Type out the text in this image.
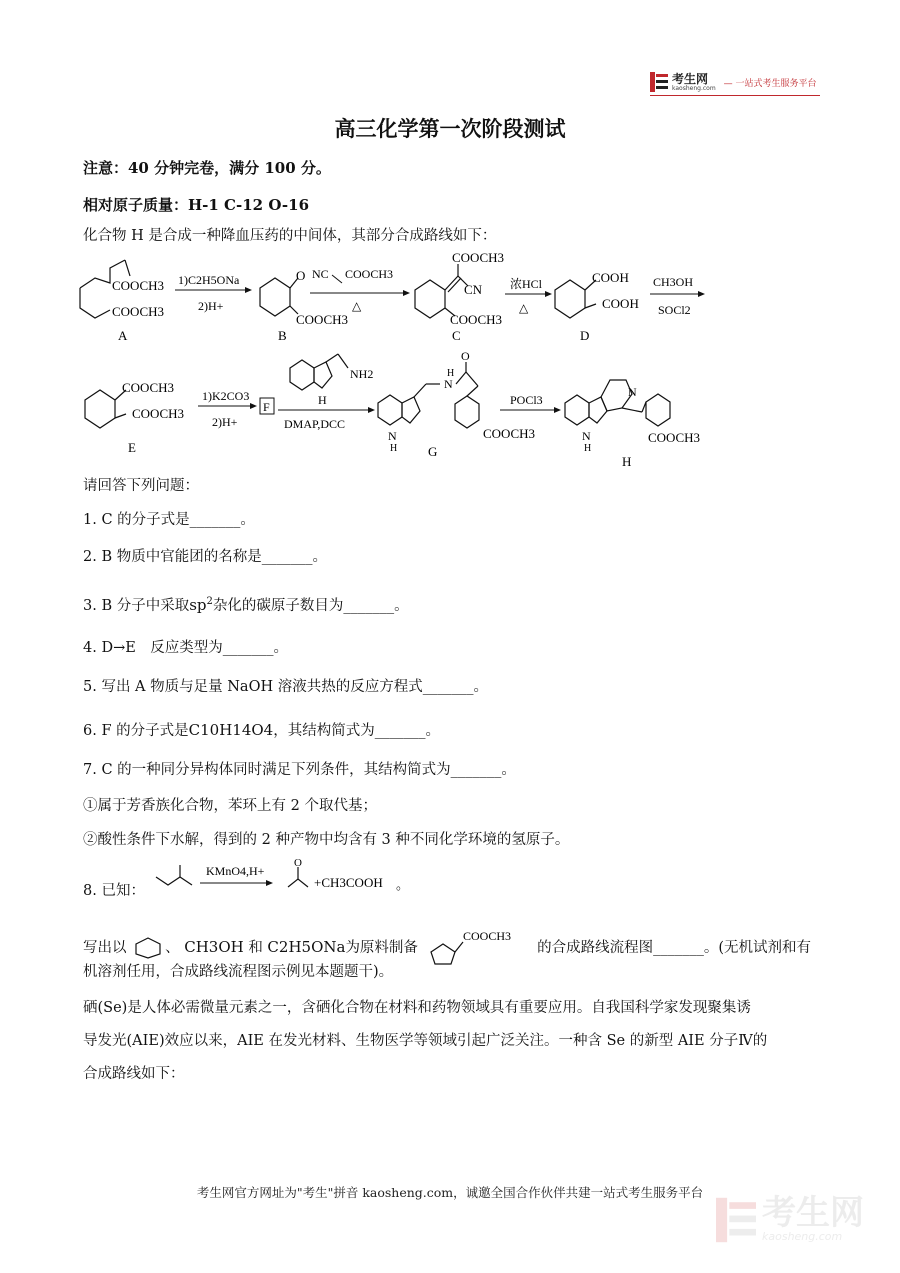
考生网
kaosheng.com — 一站式考生服务平台
高三化学第一次阶段测试
注意：40 分钟完卷，满分 100 分。
相对原子质量：H-1 C-12 O-16
化合物 H 是合成一种降血压药的中间体，其部分合成路线如下：
COOCH3
COOCH3
A
1)C2H5ONa
2)H+
O
COOCH3
B
NC COOCH3
△
COOCH3
CN
COOCH3
C
浓HCl
△
COOH
COOH
D
CH3OH
SOCl2
COOCH3
COOCH3
E
1)K2CO3
2)H+
F
NH2
H
DMAP,DCC
N
H
O
N
H
COOCH3
G
POCl3
N
N
H
COOCH3
H
请回答下列问题：
1. C 的分子式是_______。
2. B 物质中官能团的名称是_______。
3. B 分子中采取$sp^2$杂化的碳原子数目为_______。
4. D→E　反应类型为_______。
5. 写出 A 物质与足量 NaOH 溶液共热的反应方程式_______。
6. F 的分子式是C10H14O4，其结构简式为_______。
7. C 的一种同分异构体同时满足下列条件，其结构简式为_______。
①属于芳香族化合物，苯环上有 2 个取代基；
②酸性条件下水解，得到的 2 种产物中均含有 3 种不同化学环境的氢原子。
8. 已知：
KMnO4,H+
O
+CH3COOH 。
写出以	、 CH3OH 和 C2H5ONa为原料制备
COOCH3
的合成路线流程图_______。(无机试剂和有
机溶剂任用，合成路线流程图示例见本题题干)。
硒(Se)是人体必需微量元素之一，含硒化合物在材料和药物领域具有重要应用。自我国科学家发现聚集诱
导发光(AIE)效应以来，AIE 在发光材料、生物医学等领域引起广泛关注。一种含 Se 的新型 AIE 分子Ⅳ的
合成路线如下：
考生网官方网址为"考生"拼音 kaosheng.com，诚邀全国合作伙伴共建一站式考生服务平台
考生网
kaosheng.com
